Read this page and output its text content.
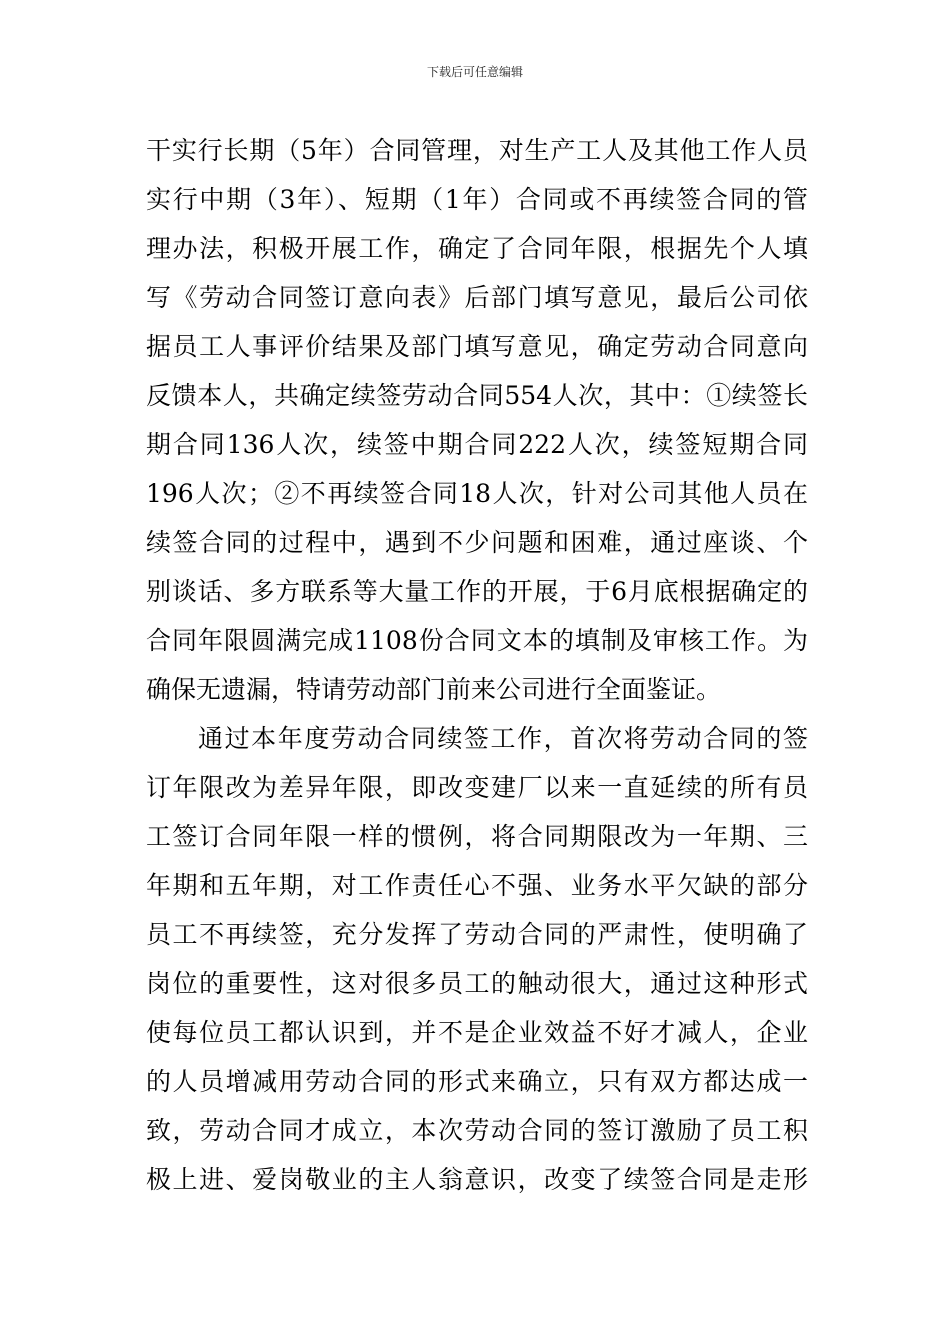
下载后可任意编辑
干实行长期（5年）合同管理，对生产工人及其他工作人员
实行中期（3年）、短期（1年）合同或不再续签合同的管
理办法，积极开展工作，确定了合同年限，根据先个人填
写《劳动合同签订意向表》后部门填写意见，最后公司依
据员工人事评价结果及部门填写意见，确定劳动合同意向
反馈本人，共确定续签劳动合同554人次，其中：①续签长
期合同136人次，续签中期合同222人次，续签短期合同
196人次；②不再续签合同18人次，针对公司其他人员在
续签合同的过程中，遇到不少问题和困难，通过座谈、个
别谈话、多方联系等大量工作的开展，于6月底根据确定的
合同年限圆满完成1108份合同文本的填制及审核工作。为
确保无遗漏，特请劳动部门前来公司进行全面鉴证。
通过本年度劳动合同续签工作，首次将劳动合同的签
订年限改为差异年限，即改变建厂以来一直延续的所有员
工签订合同年限一样的惯例，将合同期限改为一年期、三
年期和五年期，对工作责任心不强、业务水平欠缺的部分
员工不再续签，充分发挥了劳动合同的严肃性，使明确了
岗位的重要性，这对很多员工的触动很大，通过这种形式
使每位员工都认识到，并不是企业效益不好才减人，企业
的人员增减用劳动合同的形式来确立，只有双方都达成一
致，劳动合同才成立，本次劳动合同的签订激励了员工积
极上进、爱岗敬业的主人翁意识，改变了续签合同是走形
